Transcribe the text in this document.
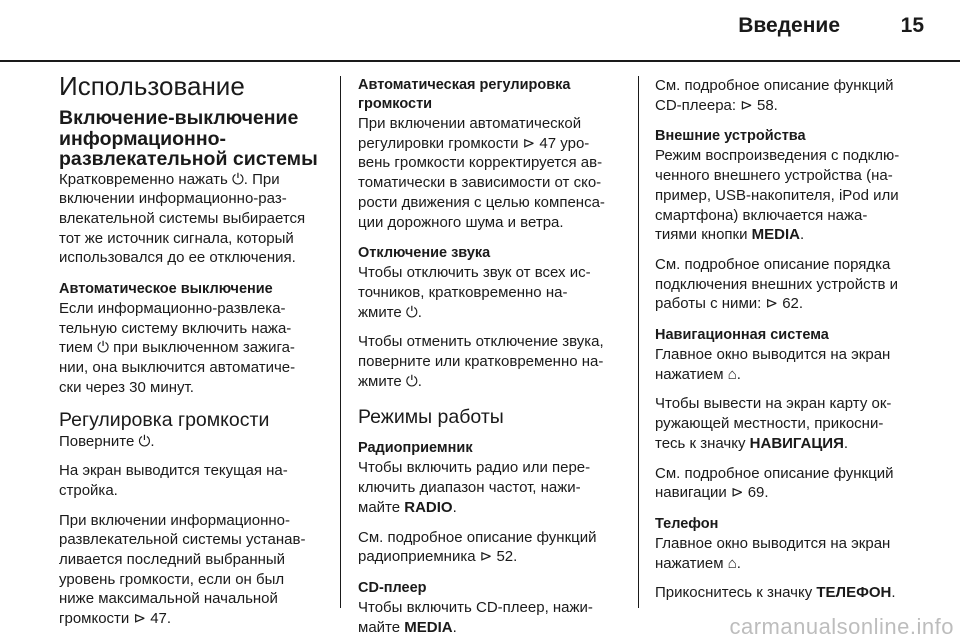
Введение	15
Использование
Включение-выключение
информационно-
развлекательной системы
Кратковременно нажать ⏻. При
включении информационно-раз-
влекательной системы выбирается
тот же источник сигнала, который
использовался до ее отключения.
Автоматическое выключение
Если информационно-развлека-
тельную систему включить нажа-
тием ⏻ при выключенном зажига-
нии, она выключится автоматиче-
ски через 30 минут.
Регулировка громкости
Поверните ⏻.
На экран выводится текущая на-
стройка.
При включении информационно-
развлекательной системы устанав-
ливается последний выбранный
уровень громкости, если он был
ниже максимальной начальной
громкости ⊳ 47.
Автоматическая регулировка
громкости
При включении автоматической
регулировки громкости ⊳ 47 уро-
вень громкости корректируется ав-
томатически в зависимости от ско-
рости движения с целью компенса-
ции дорожного шума и ветра.
Отключение звука
Чтобы отключить звук от всех ис-
точников, кратковременно на-
жмите ⏻.
Чтобы отменить отключение звука,
поверните или кратковременно на-
жмите ⏻.
Режимы работы
Радиоприемник
Чтобы включить радио или пере-
ключить диапазон частот, нажи-
майте RADIO.
См. подробное описание функций
радиоприемника ⊳ 52.
CD-плеер
Чтобы включить CD-плеер, нажи-
майте MEDIA.
См. подробное описание функций
CD-плеера: ⊳ 58.
Внешние устройства
Режим воспроизведения с подклю-
ченного внешнего устройства (на-
пример, USB-накопителя, iPod или
смартфона) включается нажа-
тиями кнопки MEDIA.
См. подробное описание порядка
подключения внешних устройств и
работы с ними: ⊳ 62.
Навигационная система
Главное окно выводится на экран
нажатием ⌂.
Чтобы вывести на экран карту ок-
ружающей местности, прикосни-
тесь к значку НАВИГАЦИЯ.
См. подробное описание функций
навигации ⊳ 69.
Телефон
Главное окно выводится на экран
нажатием ⌂.
Прикоснитесь к значку ТЕЛЕФОН.
carmanualsonline.info
